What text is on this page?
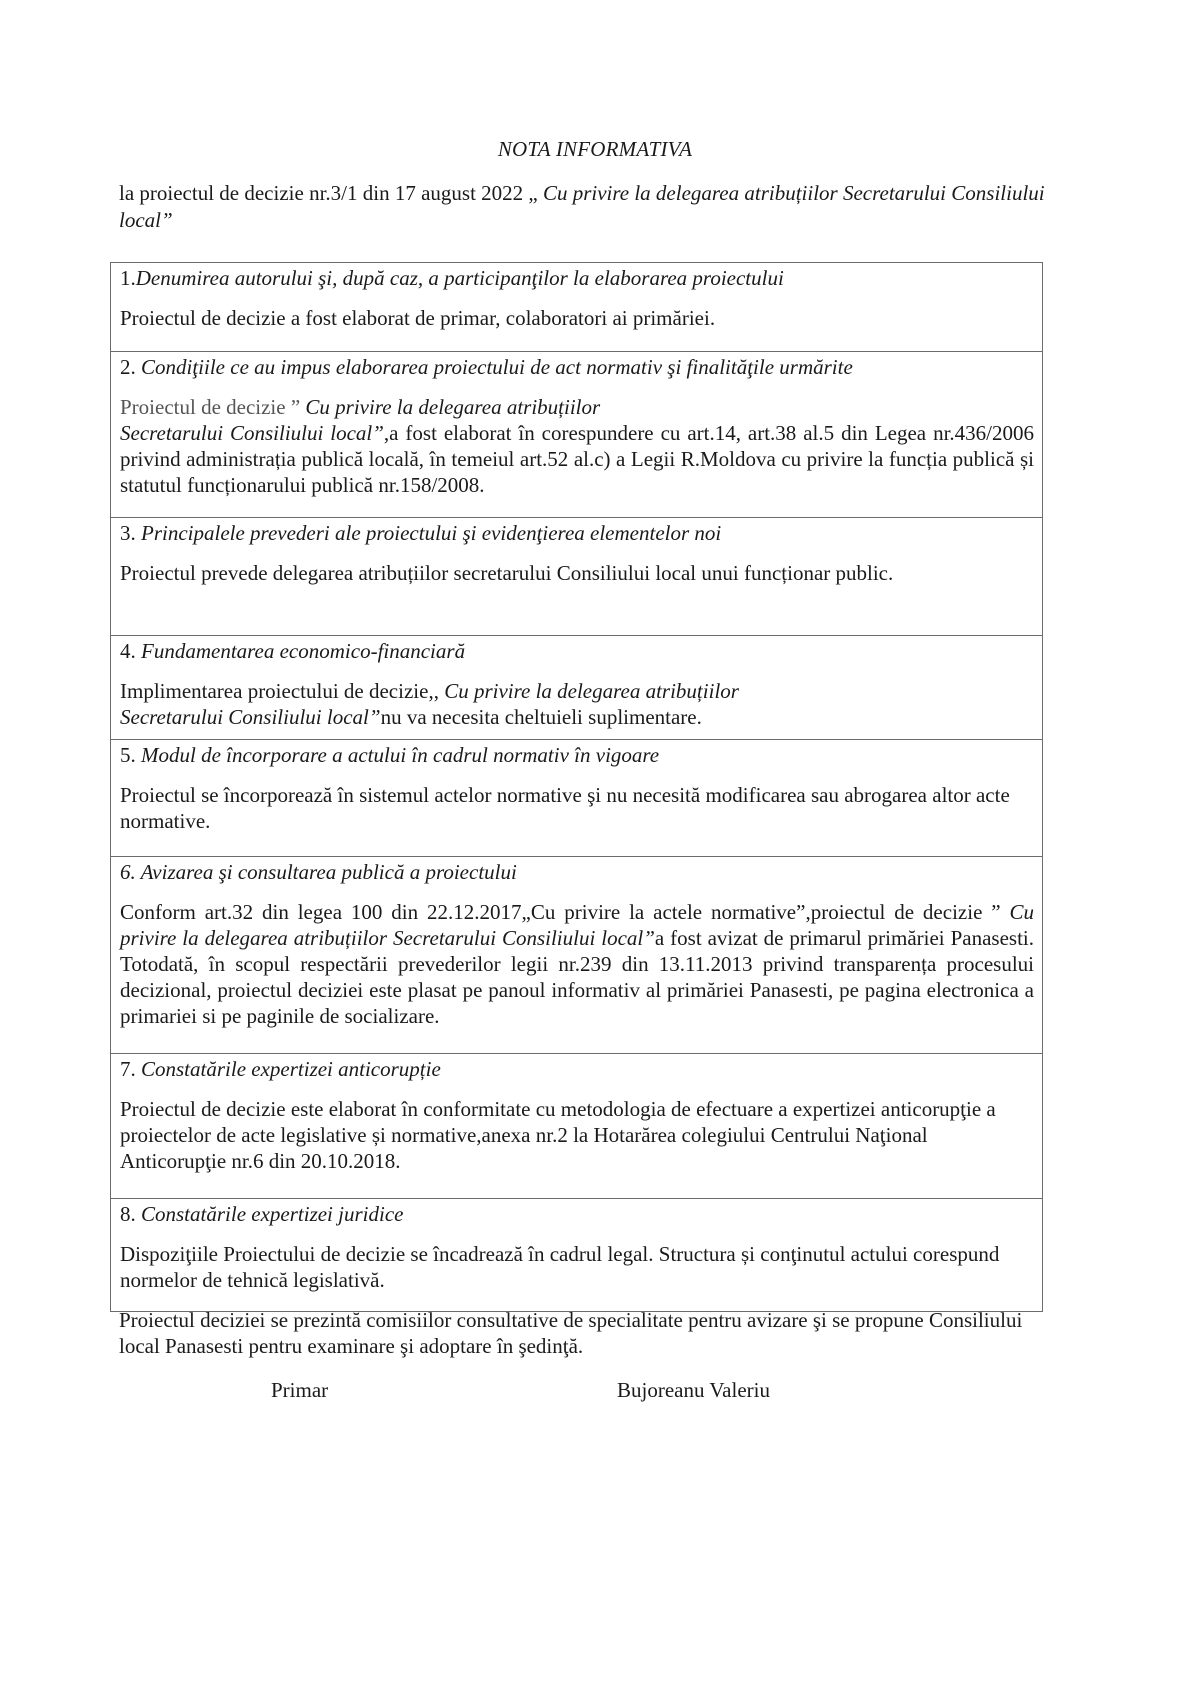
NOTA INFORMATIVA
la proiectul de decizie nr.3/1 din 17 august 2022 „ Cu privire la delegarea atribuțiilor Secretarului Consiliului local”

1.Denumirea autorului şi, după caz, a participanţilor la elaborarea proiectului

Proiectul de decizie a fost elaborat de primar, colaboratori ai primăriei.

2. Condiţiile ce au impus elaborarea proiectului de act normativ şi finalităţile urmărite

Proiectul de decizie ” Cu privire la delegarea atribuțiilor
Secretarului Consiliului local”,a fost elaborat în corespundere cu art.14, art.38 al.5 din Legea nr.436/2006 privind administrația publică locală, în temeiul art.52 al.c) a Legii R.Moldova cu privire la funcția publică și statutul funcționarului publică nr.158/2008.

3. Principalele prevederi ale proiectului şi evidenţierea elementelor noi

Proiectul prevede delegarea atribuțiilor secretarului Consiliului local unui funcționar public.

4. Fundamentarea economico-financiară

Implimentarea proiectului de decizie,, Cu privire la delegarea atribuțiilor
Secretarului Consiliului local”nu va necesita cheltuieli suplimentare.

5. Modul de încorporare a actului în cadrul normativ în vigoare

Proiectul se încorporează în sistemul actelor normative şi nu necesită modificarea sau abrogarea altor acte normative.

6. Avizarea şi consultarea publică a proiectului

Conform art.32 din legea 100 din 22.12.2017„Cu privire la actele normative”,proiectul de decizie ” Cu privire la delegarea atribuțiilor Secretarului Consiliului local”a fost avizat de primarul primăriei Panasesti. Totodată, în scopul respectării prevederilor legii nr.239 din 13.11.2013 privind transparența procesului decizional, proiectul deciziei este plasat pe panoul informativ al primăriei Panasesti, pe pagina electronica a primariei si pe paginile de socializare.

7. Constatările expertizei anticorupție

Proiectul de decizie este elaborat în conformitate cu metodologia de efectuare a expertizei anticorupţie a proiectelor de acte legislative și normative,anexa nr.2 la Hotarărea colegiului Centrului Naţional Anticorupţie nr.6 din 20.10.2018.

8. Constatările expertizei juridice

Dispoziţiile Proiectului de decizie se încadrează în cadrul legal. Structura și conţinutul actului corespund normelor de tehnică legislativă.

Proiectul deciziei se prezintă comisiilor consultative de specialitate pentru avizare şi se propune Consiliului local Panasesti pentru examinare şi adoptare în şedinţă.
Primar	Bujoreanu Valeriu
